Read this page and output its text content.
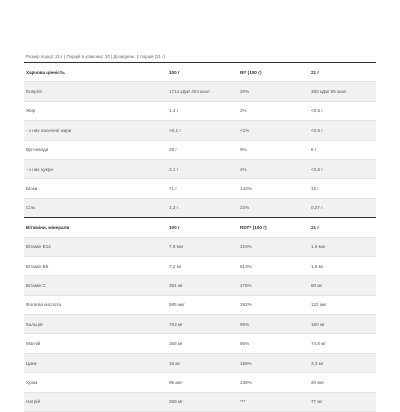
Розмір порції: 21 г | Порцій в упаковці: 20 | Доза/день: 1 порція (21 г)
Харчова цінність	100 г	RI* (100 г)	21 г
Енергія	1714 кДж/ 404 ккал	20%	360 кДж/ 85 ккал
Жир	1,4 г	2%	<0,5 г
- з них насичені жири	<0,1 г	<1%	<0,5 г
Вуглеводи	28 г	9%	6 г
- з них цукри	2,1 г	2%	<0,5 г
Білки	71 г	142%	15 г
Сіль	1,3 г	22%	0,27 г
Вітаміни, мінерали	100 г	RDI** (100 г)	21 г
Вітамін B12	7,9 мкг	316%	1,6 мкг
Вітамін B6	7,2 мг	513%	1,5 мг
Вітамін C	381 мг	476%	80 мг
Фолієва кислота	585 мкг	292%	122 мкг
Кальцій	763 мг	95%	160 мг
Магній	356 мг	95%	74,8 мг
Цинк	16 мг	156%	3,3 мг
Хром	95 мкг	238%	20 мкг
Натрій	369 мг	***	77 мг
